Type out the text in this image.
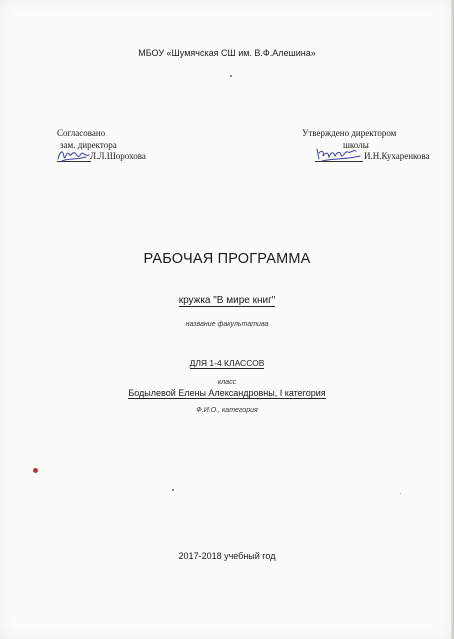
МБОУ «Шумячская СШ им. В.Ф.Алешина»
Согласовано
зам. директора
Л.Л.Шорохова
Утверждено директором
школы
И.Н.Кухаренкова
РАБОЧАЯ ПРОГРАММА
кружка "В мире книг"
название факультатива
ДЛЯ 1-4 КЛАССОВ
класс
Бодылевой Елены Александровны, I категория
Ф.И.О., категория
2017-2018 учебный год
